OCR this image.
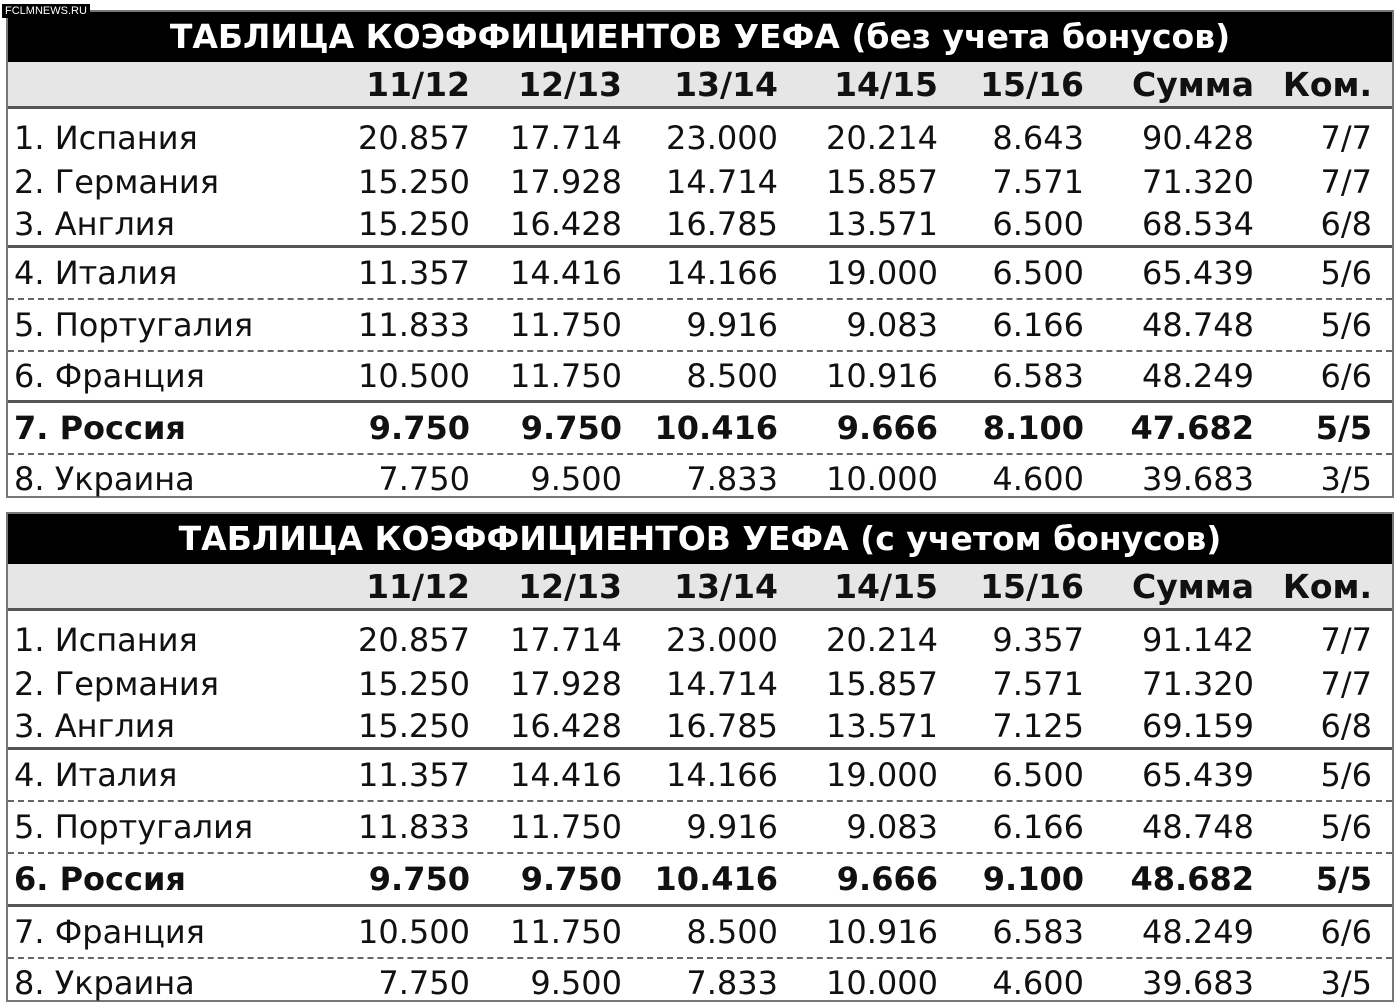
FCLMNEWS.RU
ТАБЛИЦА КОЭФФИЦИЕНТОВ УЕФА (без учета бонусов)
11/12	12/13	13/14	14/15	15/16	Сумма Ком.
1. Испания	20.857	17.714	23.000	20.214	8.643	90.428	7/7
2. Германия	15.250	17.928	14.714	15.857	7.571	71.320	7/7
3. Англия	15.250	16.428	16.785	13.571	6.500	68.534	6/8
4. Италия	11.357	14.416	14.166	19.000	6.500	65.439	5/6
5. Португалия	11.833	11.750	9.916	9.083	6.166	48.748	5/6
6. Франция	10.500	11.750	8.500	10.916	6.583	48.249	6/6
7. Россия	9.750	9.750	10.416	9.666	8.100	47.682	5/5
8. Украина	7.750	9.500	7.833	10.000	4.600	39.683	3/5
ТАБЛИЦА КОЭФФИЦИЕНТОВ УЕФА (с учетом бонусов)
11/12	12/13	13/14	14/15	15/16	Сумма Ком.
1. Испания	20.857	17.714	23.000	20.214	9.357	91.142	7/7
2. Германия	15.250	17.928	14.714	15.857	7.571	71.320	7/7
3. Англия	15.250	16.428	16.785	13.571	7.125	69.159	6/8
4. Италия	11.357	14.416	14.166	19.000	6.500	65.439	5/6
5. Португалия	11.833	11.750	9.916	9.083	6.166	48.748	5/6
6. Россия	9.750	9.750	10.416	9.666	9.100	48.682	5/5
7. Франция	10.500	11.750	8.500	10.916	6.583	48.249	6/6
8. Украина	7.750	9.500	7.833	10.000	4.600	39.683	3/5
